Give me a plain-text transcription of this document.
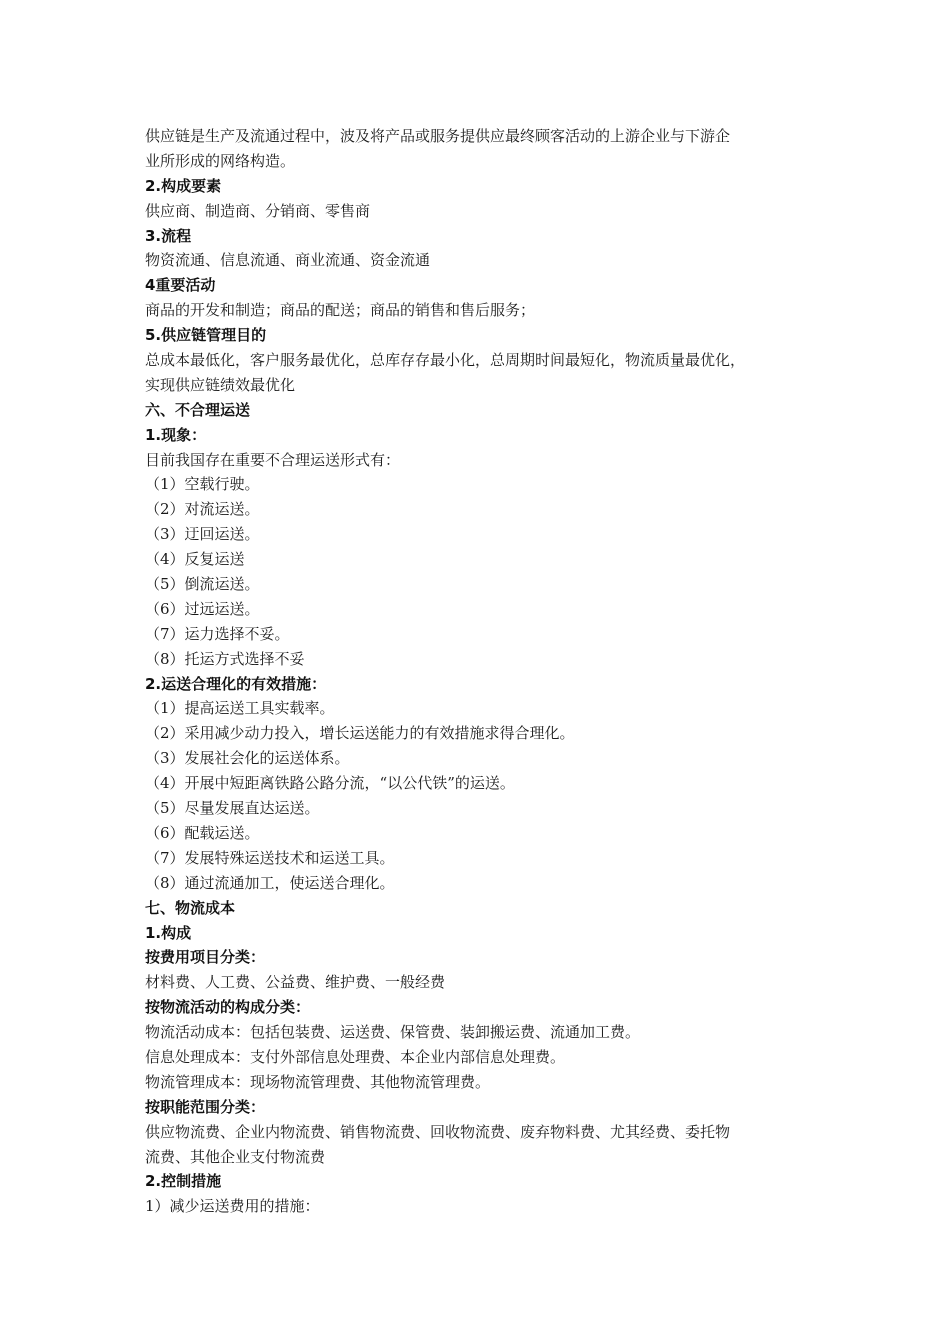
供应链是生产及流通过程中，波及将产品或服务提供应最终顾客活动的上游企业与下游企
业所形成的网络构造。
2.构成要素
供应商、制造商、分销商、零售商
3.流程
物资流通、信息流通、商业流通、资金流通
4重要活动
商品的开发和制造；商品的配送；商品的销售和售后服务；
5.供应链管理目的
总成本最低化，客户服务最优化，总库存存最小化，总周期时间最短化，物流质量最优化，
实现供应链绩效最优化
六、不合理运送
1.现象：
目前我国存在重要不合理运送形式有：
（1）空载行驶。
（2）对流运送。
（3）迂回运送。
（4）反复运送
（5）倒流运送。
（6）过远运送。
（7）运力选择不妥。
（8）托运方式选择不妥
2.运送合理化的有效措施：
（1）提高运送工具实载率。
（2）采用减少动力投入，增长运送能力的有效措施求得合理化。
（3）发展社会化的运送体系。
（4）开展中短距离铁路公路分流，“以公代铁”的运送。
（5）尽量发展直达运送。
（6）配载运送。
（7）发展特殊运送技术和运送工具。
（8）通过流通加工，使运送合理化。
七、物流成本
1.构成
按费用项目分类：
材料费、人工费、公益费、维护费、一般经费
按物流活动的构成分类：
物流活动成本：包括包装费、运送费、保管费、装卸搬运费、流通加工费。
信息处理成本：支付外部信息处理费、本企业内部信息处理费。
物流管理成本：现场物流管理费、其他物流管理费。
按职能范围分类：
供应物流费、企业内物流费、销售物流费、回收物流费、废弃物料费、尤其经费、委托物
流费、其他企业支付物流费
2.控制措施
1）减少运送费用的措施：
